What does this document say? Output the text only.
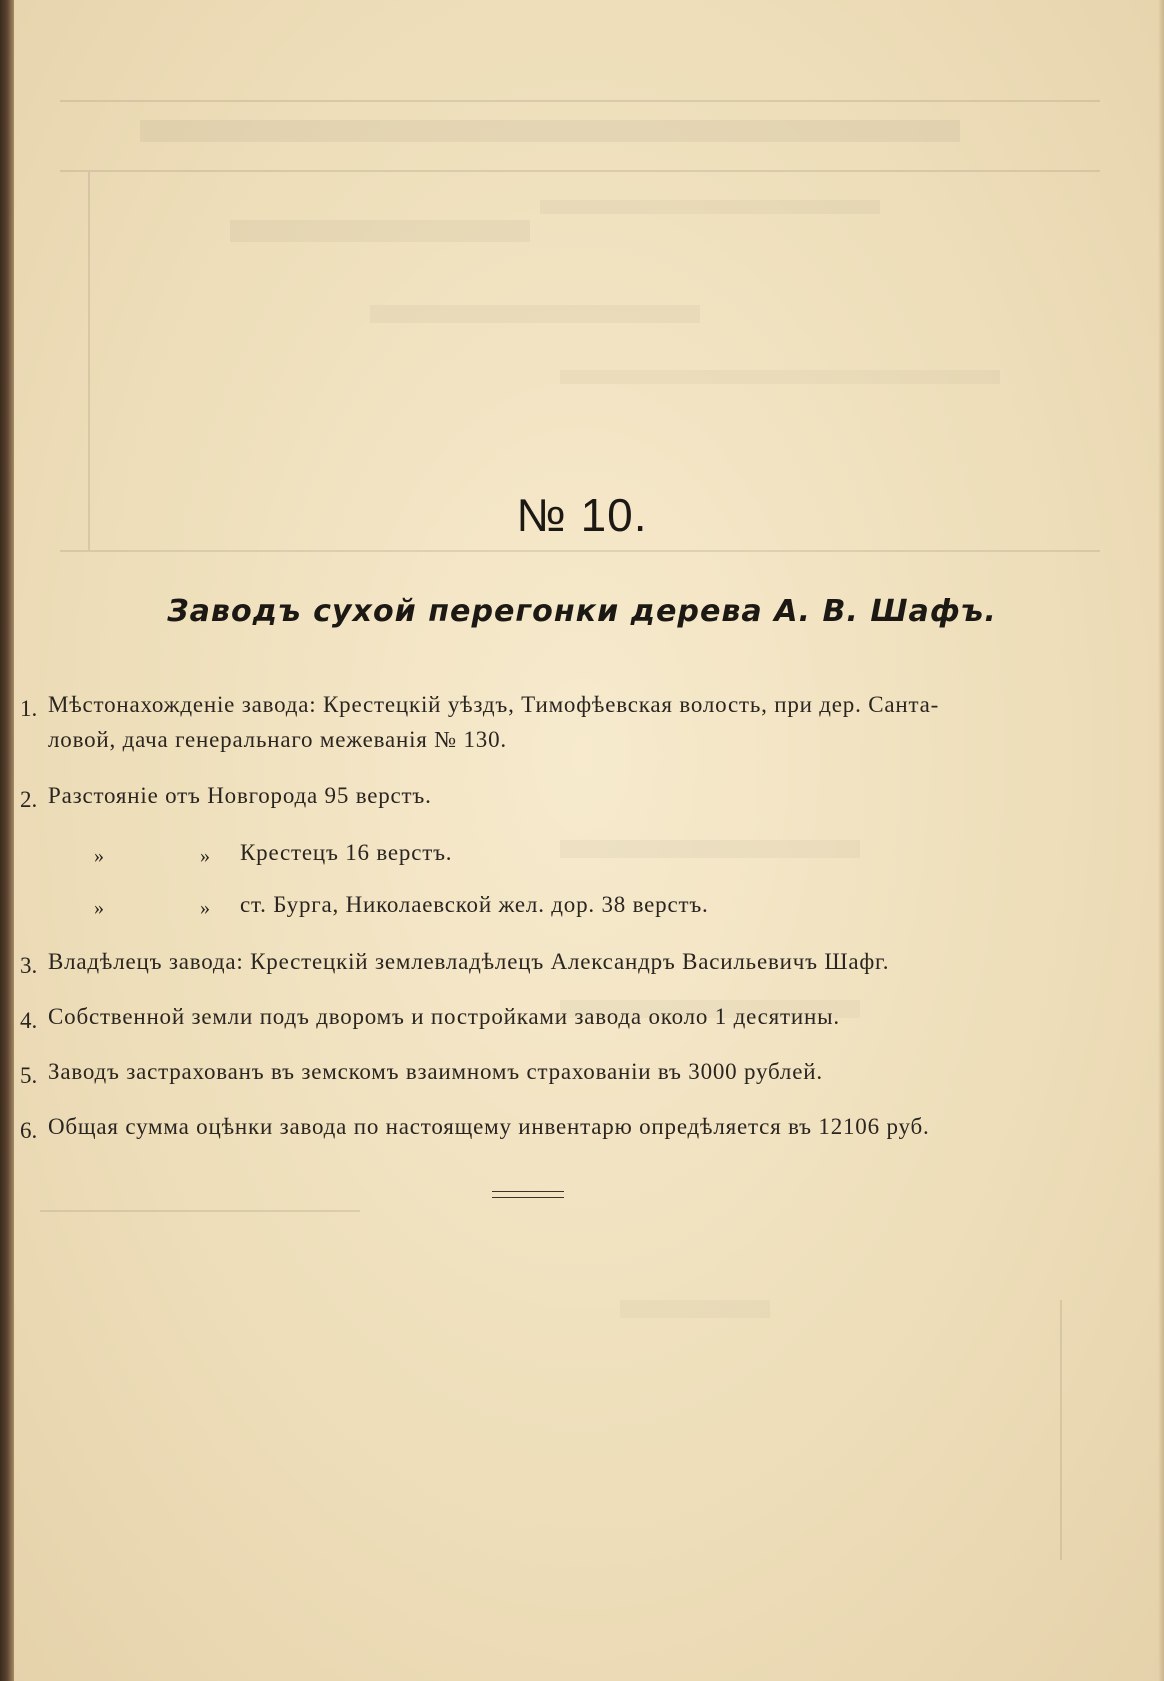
№ 10.
Заводъ сухой перегонки дерева А. В. Шафъ.
1. Мѣстонахожденіе завода: Крестецкій уѣздъ, Тимофѣевская волость, при дер. Санта-
ловой, дача генеральнаго межеванія № 130.
2. Разстояніе отъ Новгорода 95 верстъ.
»	» Крестецъ 16 верстъ.
»	» ст. Бурга, Николаевской жел. дор. 38 верстъ.
3. Владѣлецъ завода: Крестецкій землевладѣлецъ Александръ Васильевичъ Шафг.
4. Собственной земли подъ дворомъ и постройками завода около 1 десятины.
5. Заводъ застрахованъ въ земскомъ взаимномъ страхованіи въ 3000 рублей.
6. Общая сумма оцѣнки завода по настоящему инвентарю опредѣляется въ 12106 руб.
